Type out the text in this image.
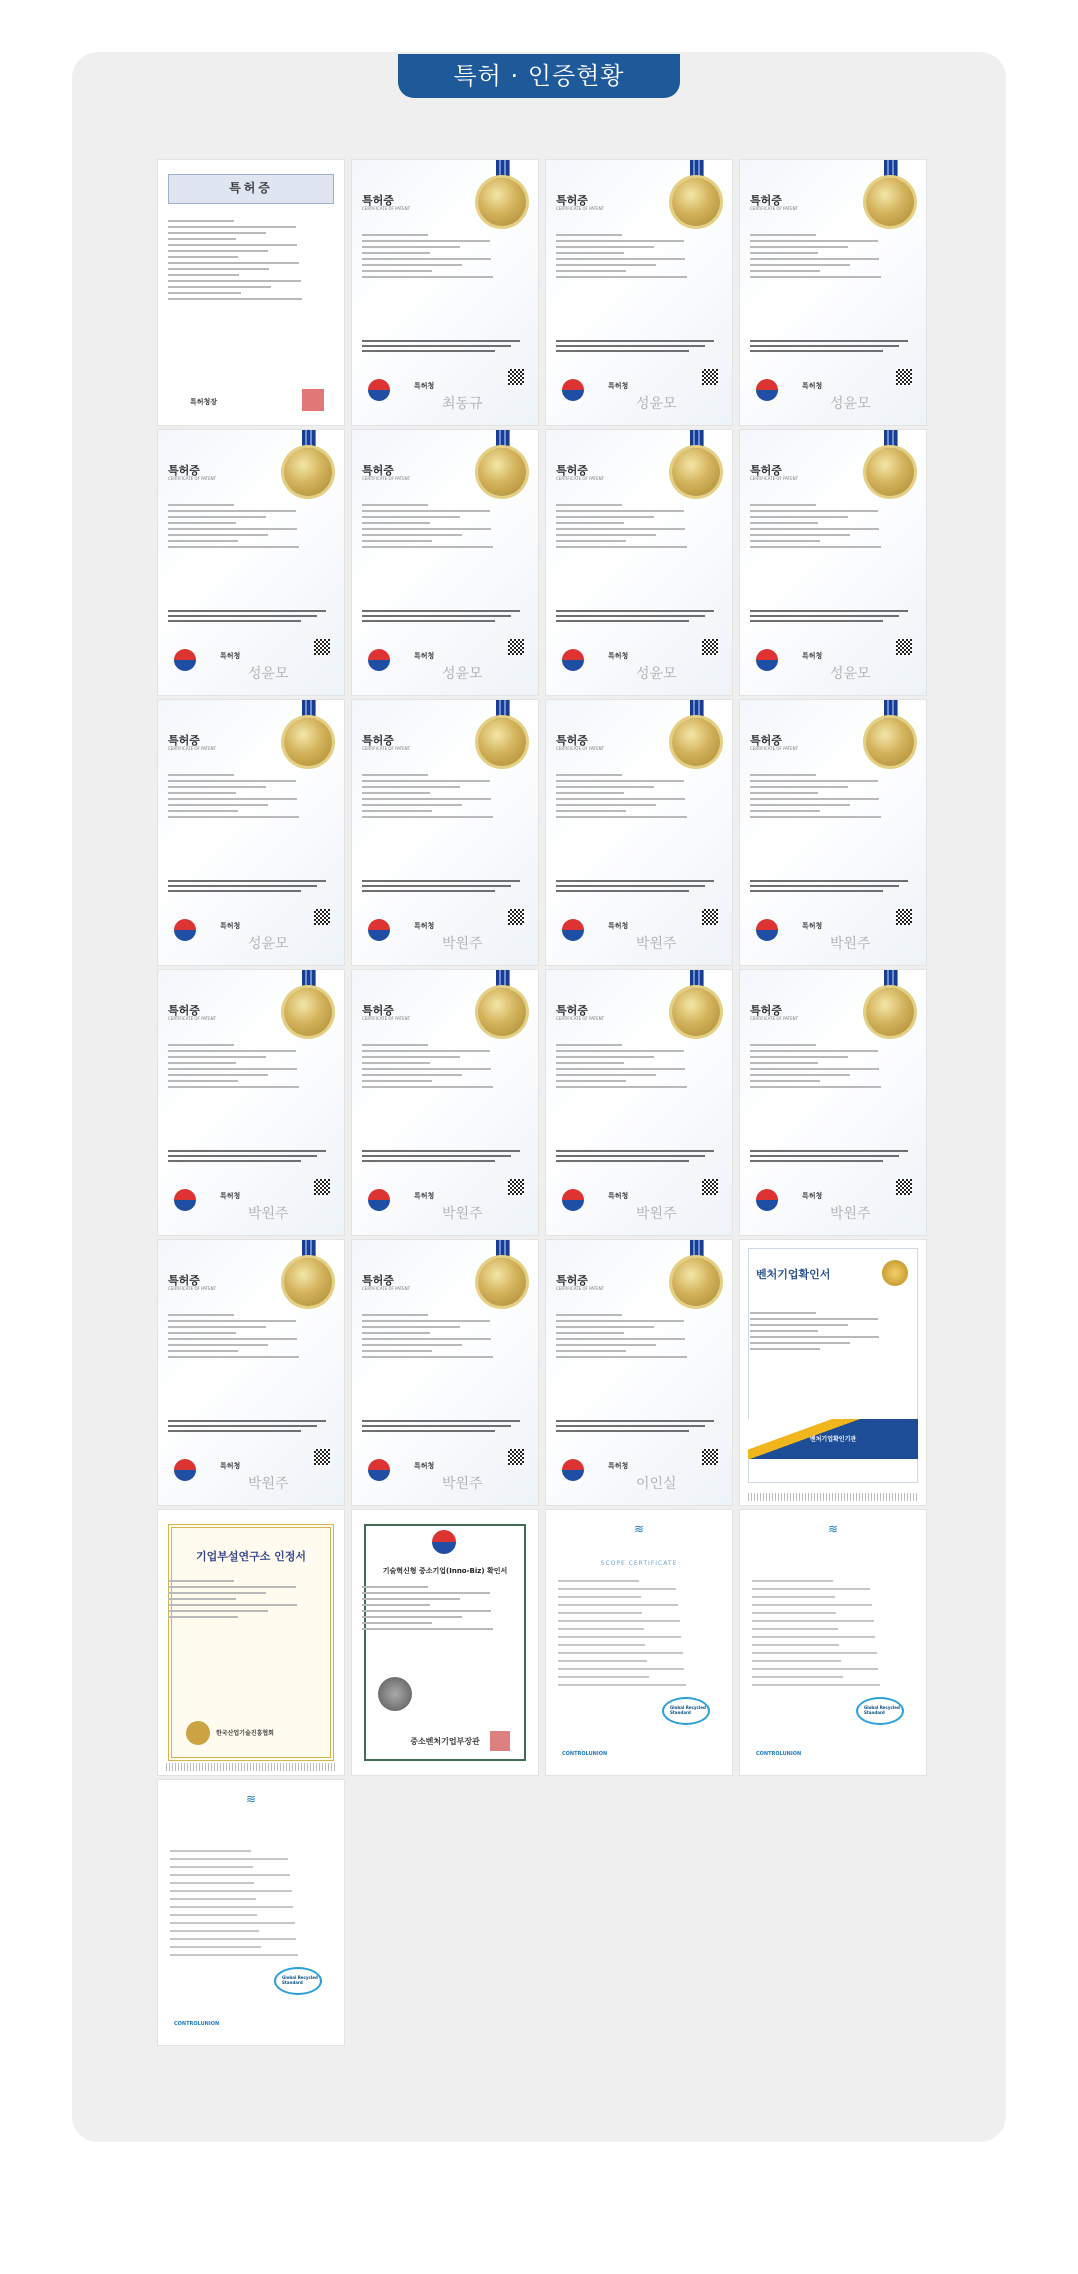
특허 · 인증현황
특허증
특허청장
특허증
CERTIFICATE OF PATENT
특허청
최동규
특허증
CERTIFICATE OF PATENT
특허청
성윤모
특허증
CERTIFICATE OF PATENT
특허청
성윤모
특허증
CERTIFICATE OF PATENT
특허청
성윤모
특허증
CERTIFICATE OF PATENT
특허청
성윤모
특허증
CERTIFICATE OF PATENT
특허청
성윤모
특허증
CERTIFICATE OF PATENT
특허청
성윤모
특허증
CERTIFICATE OF PATENT
특허청
성윤모
특허증
CERTIFICATE OF PATENT
특허청
박원주
특허증
CERTIFICATE OF PATENT
특허청
박원주
특허증
CERTIFICATE OF PATENT
특허청
박원주
특허증
CERTIFICATE OF PATENT
특허청
박원주
특허증
CERTIFICATE OF PATENT
특허청
박원주
특허증
CERTIFICATE OF PATENT
특허청
박원주
특허증
CERTIFICATE OF PATENT
특허청
박원주
특허증
CERTIFICATE OF PATENT
특허청
박원주
특허증
CERTIFICATE OF PATENT
특허청
박원주
특허증
CERTIFICATE OF PATENT
특허청
이인실
벤처기업확인서
벤처기업확인기관
기업부설연구소 인정서
한국산업기술진흥협회
기술혁신형 중소기업(Inno-Biz) 확인서
중소벤처기업부장관
≋
SCOPE CERTIFICATE
Global Recycled Standard
CONTROLUNION
≋
Global Recycled Standard
CONTROLUNION
≋
Global Recycled Standard
CONTROLUNION
